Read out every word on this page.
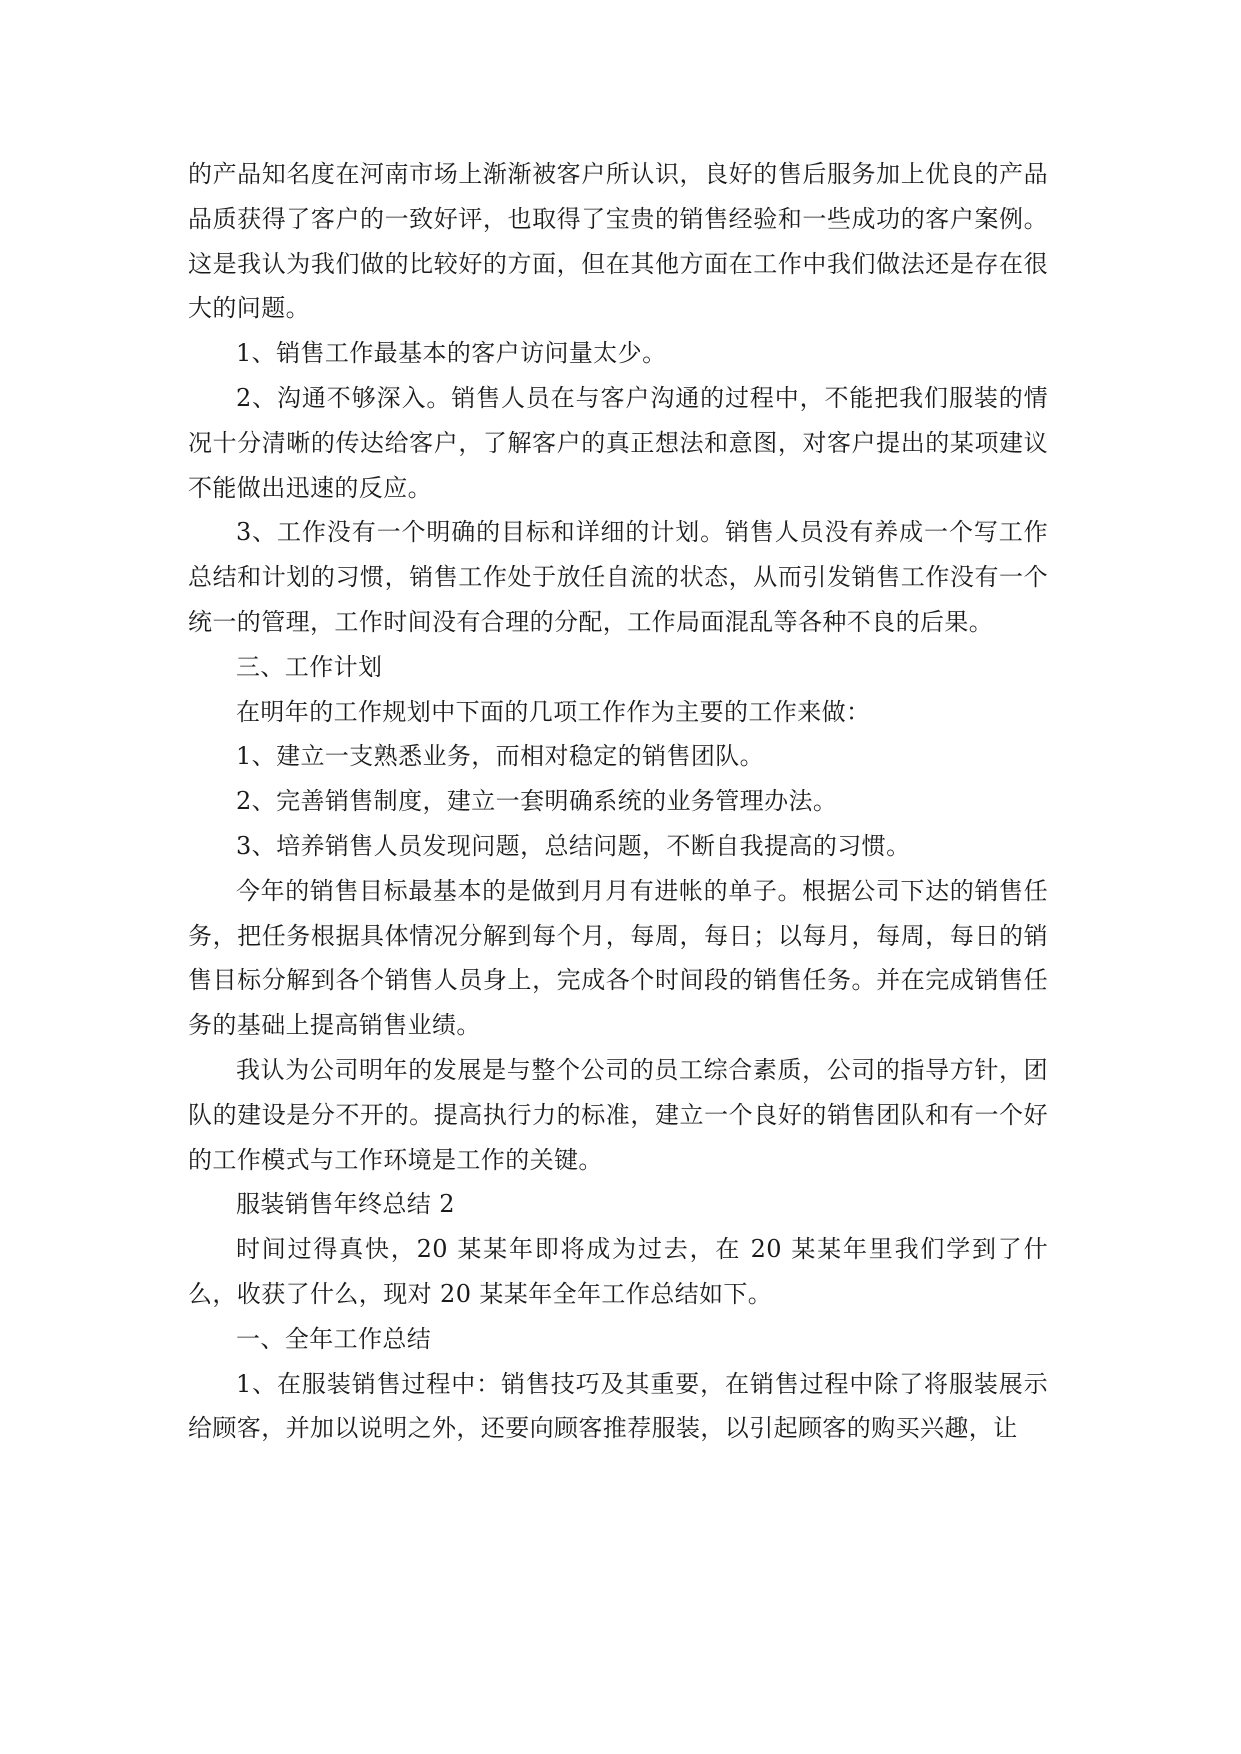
的产品知名度在河南市场上渐渐被客户所认识，良好的售后服务加上优良的产品品质获得了客户的一致好评，也取得了宝贵的销售经验和一些成功的客户案例。这是我认为我们做的比较好的方面，但在其他方面在工作中我们做法还是存在很大的问题。

1、销售工作最基本的客户访问量太少。

2、沟通不够深入。销售人员在与客户沟通的过程中，不能把我们服装的情况十分清晰的传达给客户，了解客户的真正想法和意图，对客户提出的某项建议不能做出迅速的反应。

3、工作没有一个明确的目标和详细的计划。销售人员没有养成一个写工作总结和计划的习惯，销售工作处于放任自流的状态，从而引发销售工作没有一个统一的管理，工作时间没有合理的分配，工作局面混乱等各种不良的后果。

三、工作计划

在明年的工作规划中下面的几项工作作为主要的工作来做：

1、建立一支熟悉业务，而相对稳定的销售团队。

2、完善销售制度，建立一套明确系统的业务管理办法。

3、培养销售人员发现问题，总结问题，不断自我提高的习惯。

今年的销售目标最基本的是做到月月有进帐的单子。根据公司下达的销售任务，把任务根据具体情况分解到每个月，每周，每日；以每月，每周，每日的销售目标分解到各个销售人员身上，完成各个时间段的销售任务。并在完成销售任务的基础上提高销售业绩。

我认为公司明年的发展是与整个公司的员工综合素质，公司的指导方针，团队的建设是分不开的。提高执行力的标准，建立一个良好的销售团队和有一个好的工作模式与工作环境是工作的关键。

服装销售年终总结 2

时间过得真快，20 某某年即将成为过去，在 20 某某年里我们学到了什么，收获了什么，现对 20 某某年全年工作总结如下。

一、全年工作总结

1、在服装销售过程中：销售技巧及其重要，在销售过程中除了将服装展示给顾客，并加以说明之外，还要向顾客推荐服装，以引起顾客的购买兴趣，让
